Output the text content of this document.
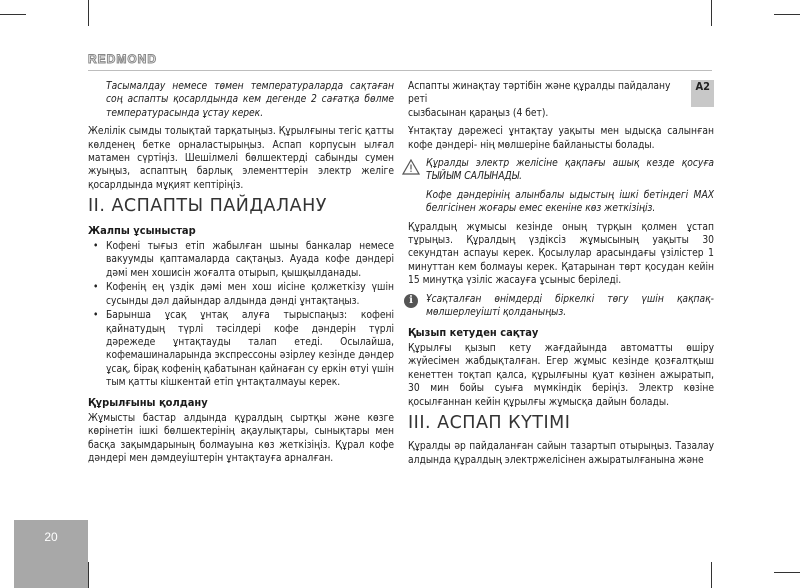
REDMOND

Тасымалдау немесе төмен температураларда сақтаған соң аспапты қосарлдында кем дегенде 2 сағатқа бөлме температурасында ұстау керек.

Желілік сымды толықтай тарқатыңыз. Құрылғыны тегіс қатты көлденең бетке орналастырыңыз. Аспап корпусын ылғал матамен сүртіңіз. Шешілмелі бөлшектерді сабынды сумен жуыңыз, аспаптың барлық элементтерін электр желіге қосарлдында мұқият кептіріңіз.

II. АСПАПТЫ ПАЙДАЛАНУ
Жалпы ұсыныстар
• Кофені тығыз етіп жабылған шыны банкалар немесе вакуумды қаптамаларда сақтаңыз. Ауада кофе дәндері дәмі мен хошисін жоғалта отырып, қышқылданады.
• Кофенің ең үздік дәмі мен хош иісіне қолжеткізу үшін сусынды дәл дайындар алдында дәнді ұнтақтаңыз.
• Барынша ұсақ ұнтақ алуға тырыспаңыз: кофені қайнатудың түрлі тәсілдері кофе дәндерін түрлі дәрежеде ұнтақтауды талап етеді. Осылайша, кофемашиналарында экспрессоны әзірлеу кезінде дәндер ұсақ, бірақ кофенің қабатынан қайнаған су еркін өтуі үшін тым қатты кішкентай етіп ұнтақталмауы керек.
Құрылғыны қолдану

Жұмысты бастар алдында құралдың сыртқы және көзге көрінетін ішкі бөлшектерінің ақаулықтары, сынықтары мен басқа зақымдарының болмауына көз жеткізіңіз. Құрал кофе дәндері мен дәмдеуіштерін ұнтақтауға арналған.

Аспапты жинақтау тәртібін және құралды пайдалану реті
A2

сызбасынан қараңыз (4 бет).

Ұнтақтау дәрежесі ұнтақтау уақыты мен ыдысқа салынған кофе дәндері- нің мөлшеріне байланысты болады.

Құралды электр желісіне қақпағы ашық кезде қосуға ТЫЙЫМ САЛЫНАДЫ.

Кофе дәндерінің алынбалы ыдыстың ішкі бетіндегі MAX белгісінен жоғары емес екеніне көз жеткізіңіз.

Құралдың жұмысы кезінде оның түрқын қолмен ұстап тұрыңыз. Құралдың үздіксіз жұмысының уақыты 30 секундтан аспауы керек. Қосылулар арасындағы үзілістер 1 минуттан кем болмауы керек. Қатарынан төрт қосудан кейін 15 минутқа үзіліс жасауға ұсыныс беріледі.

i	Ұсақталған өнімдерді біркелкі төгу үшін қақпақ-мөлшерлеуішті қолданыңыз.

Қызып кетуден сақтау

Құрылғы қызып кету жағдайында автоматты өшіру жүйесімен жабдықталған. Егер жұмыс кезінде қозғалтқыш кенеттен тоқтап қалса, құрылғыны қуат көзінен ажыратып, 30 мин бойы суыға мүмкіндік беріңіз. Электр көзіне қосылғаннан кейін құрылғы жұмысқа дайын болады.

III. АСПАП КҮТІМІ

Құралды әр пайдаланған сайын тазартып отырыңыз. Тазалау алдында құралдың электржелісінен ажыратылғанына және

20
